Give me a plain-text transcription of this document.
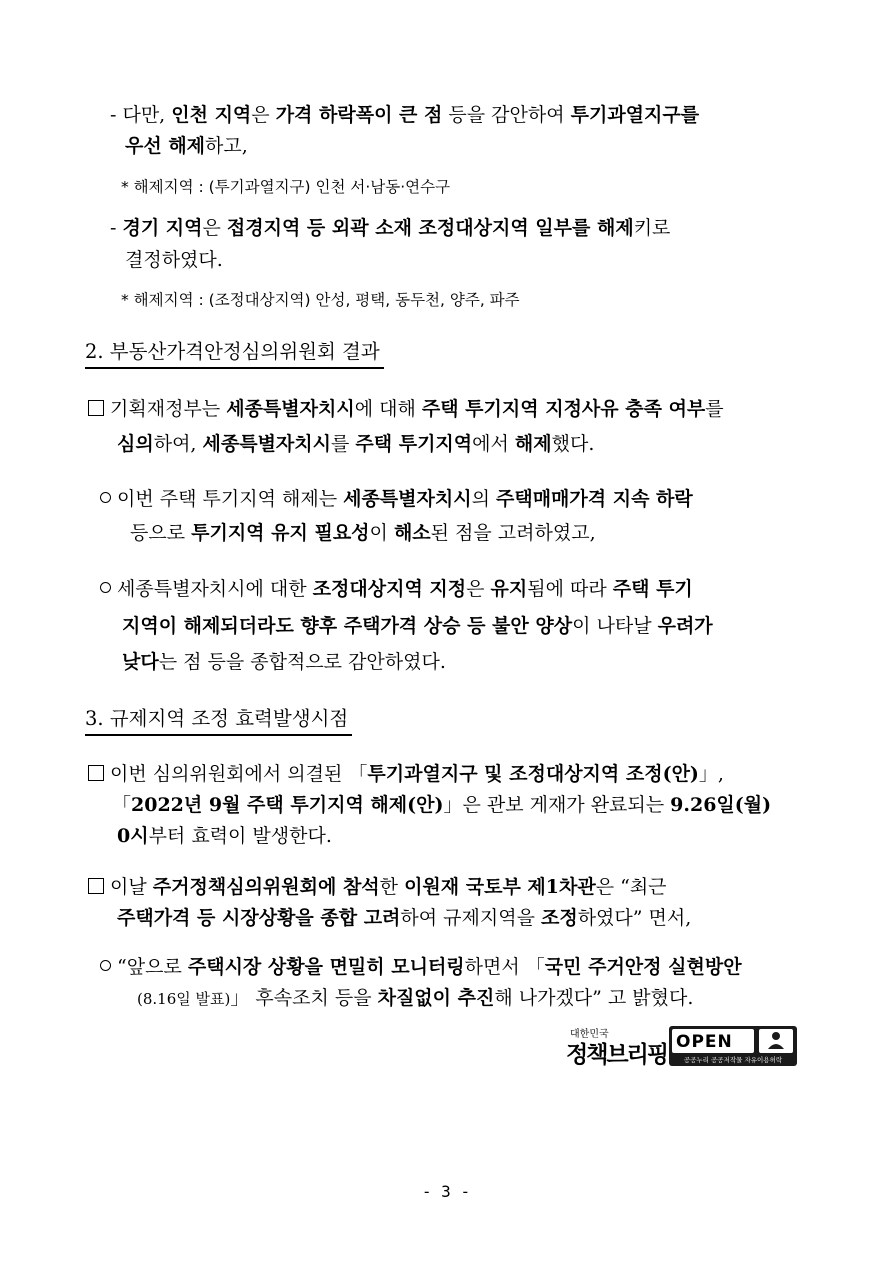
- 다만, 인천 지역은 가격 하락폭이 큰 점 등을 감안하여 투기과열지구를
우선 해제하고,
* 해제지역 : (투기과열지구) 인천 서·남동·연수구
- 경기 지역은 접경지역 등 외곽 소재 조정대상지역 일부를 해제키로
결정하였다.
* 해제지역 : (조정대상지역) 안성, 평택, 동두천, 양주, 파주
2. 부동산가격안정심의위원회 결과
기획재정부는 세종특별자치시에 대해 주택 투기지역 지정사유 충족 여부를
심의하여, 세종특별자치시를 주택 투기지역에서 해제했다.
이번 주택 투기지역 해제는 세종특별자치시의 주택매매가격 지속 하락
등으로 투기지역 유지 필요성이 해소된 점을 고려하였고,
세종특별자치시에 대한 조정대상지역 지정은 유지됨에 따라 주택 투기
지역이 해제되더라도 향후 주택가격 상승 등 불안 양상이 나타날 우려가
낮다는 점 등을 종합적으로 감안하였다.
3. 규제지역 조정 효력발생시점
이번 심의위원회에서 의결된 「투기과열지구 및 조정대상지역 조정(안)」,
「2022년 9월 주택 투기지역 해제(안)」은 관보 게재가 완료되는 9.26일(월)
0시부터 효력이 발생한다.
이날 주거정책심의위원회에 참석한 이원재 국토부 제1차관은 “최근
주택가격 등 시장상황을 종합 고려하여 규제지역을 조정하였다” 면서,
“앞으로 주택시장 상황을 면밀히 모니터링하면서 「국민 주거안정 실현방안
(8.16일 발표)」 후속조치 등을 차질없이 추진해 나가겠다” 고 밝혔다.
대한민국
정책브리핑 OPEN
공공누리 공공저작물 자유이용허락
- 3 -
